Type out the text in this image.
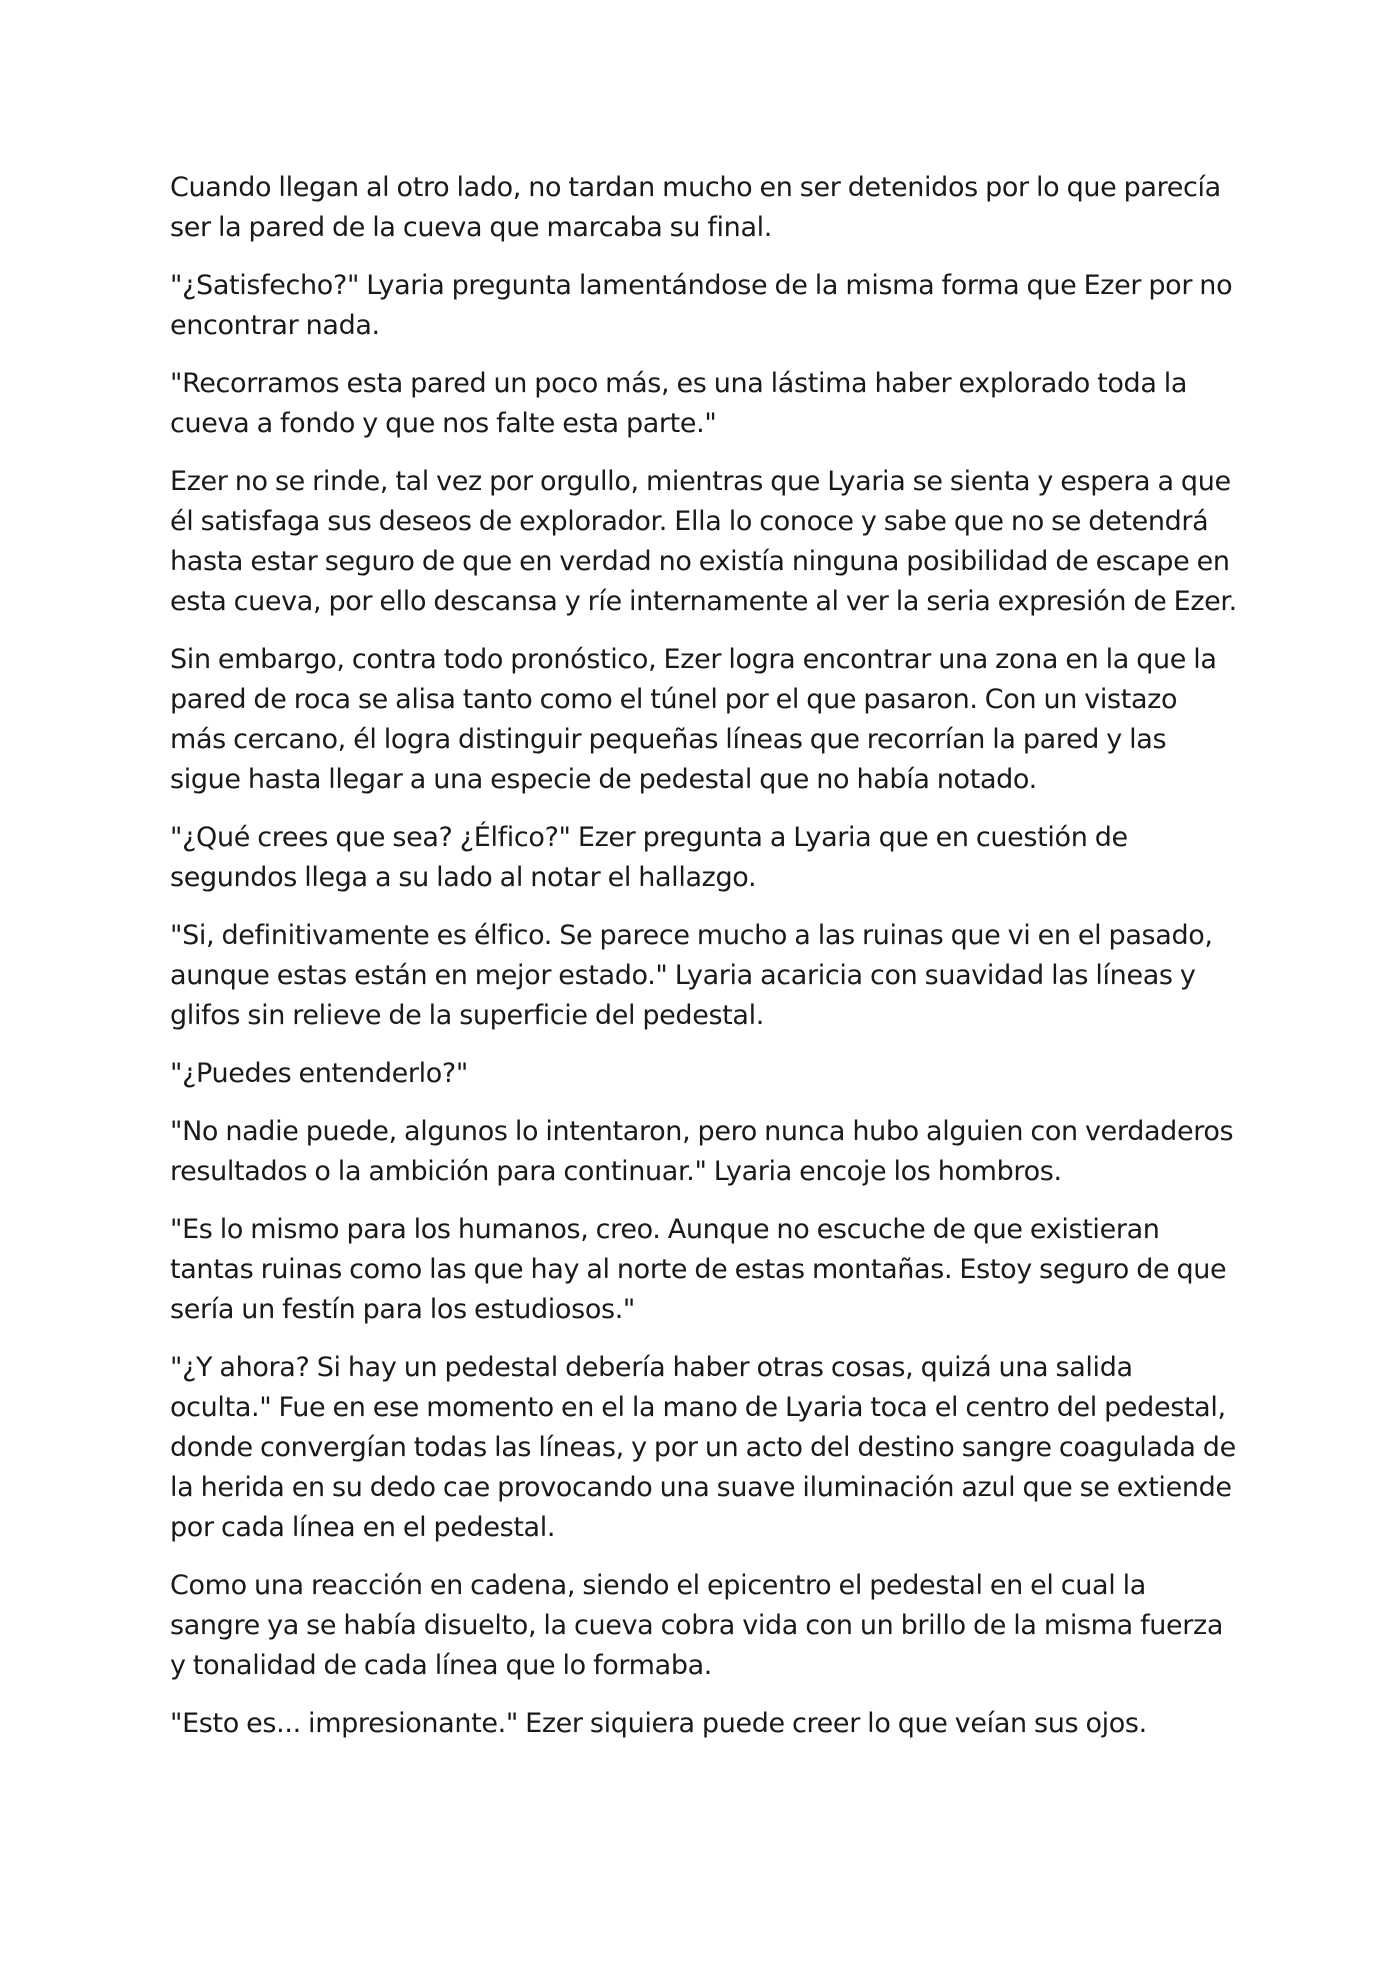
Cuando llegan al otro lado, no tardan mucho en ser detenidos por lo que parecía ser la pared de la cueva que marcaba su final.

"¿Satisfecho?" Lyaria pregunta lamentándose de la misma forma que Ezer por no encontrar nada.

"Recorramos esta pared un poco más, es una lástima haber explorado toda la cueva a fondo y que nos falte esta parte."

Ezer no se rinde, tal vez por orgullo, mientras que Lyaria se sienta y espera a que él satisfaga sus deseos de explorador. Ella lo conoce y sabe que no se detendrá hasta estar seguro de que en verdad no existía ninguna posibilidad de escape en esta cueva, por ello descansa y ríe internamente al ver la seria expresión de Ezer.

Sin embargo, contra todo pronóstico, Ezer logra encontrar una zona en la que la pared de roca se alisa tanto como el túnel por el que pasaron. Con un vistazo más cercano, él logra distinguir pequeñas líneas que recorrían la pared y las sigue hasta llegar a una especie de pedestal que no había notado.

"¿Qué crees que sea? ¿Élfico?" Ezer pregunta a Lyaria que en cuestión de segundos llega a su lado al notar el hallazgo.

"Si, definitivamente es élfico. Se parece mucho a las ruinas que vi en el pasado, aunque estas están en mejor estado." Lyaria acaricia con suavidad las líneas y glifos sin relieve de la superficie del pedestal.

"¿Puedes entenderlo?"

"No nadie puede, algunos lo intentaron, pero nunca hubo alguien con verdaderos resultados o la ambición para continuar." Lyaria encoje los hombros.

"Es lo mismo para los humanos, creo. Aunque no escuche de que existieran tantas ruinas como las que hay al norte de estas montañas. Estoy seguro de que sería un festín para los estudiosos."

"¿Y ahora? Si hay un pedestal debería haber otras cosas, quizá una salida oculta." Fue en ese momento en el la mano de Lyaria toca el centro del pedestal, donde convergían todas las líneas, y por un acto del destino sangre coagulada de la herida en su dedo cae provocando una suave iluminación azul que se extiende por cada línea en el pedestal.

Como una reacción en cadena, siendo el epicentro el pedestal en el cual la sangre ya se había disuelto, la cueva cobra vida con un brillo de la misma fuerza y tonalidad de cada línea que lo formaba.

"Esto es... impresionante." Ezer siquiera puede creer lo que veían sus ojos.
